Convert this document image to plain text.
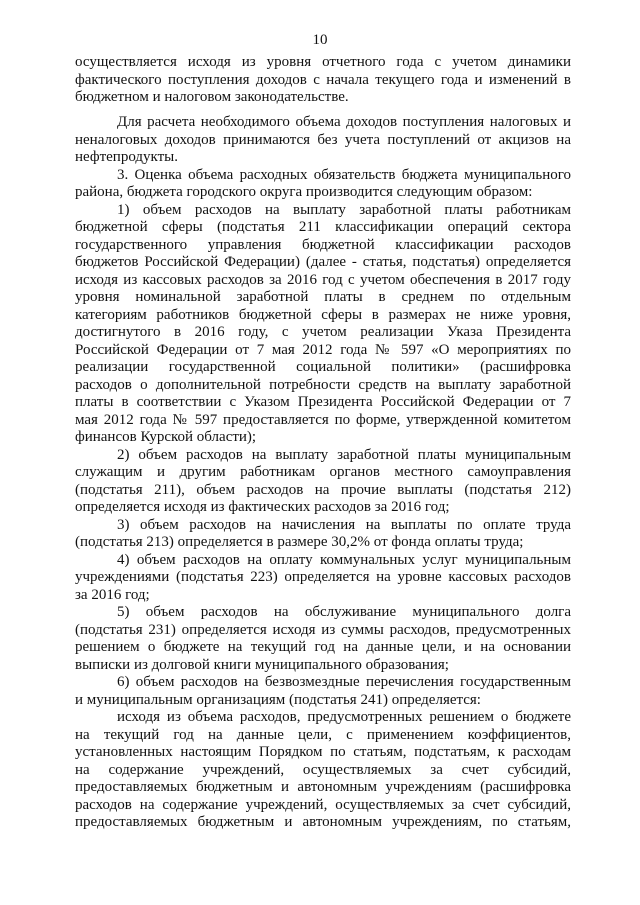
10
осуществляется исходя из уровня отчетного года с учетом динамики
фактического поступления доходов с начала текущего года и изменений в
бюджетном и налоговом законодательстве.
Для расчета необходимого объема доходов поступления налоговых и
неналоговых доходов принимаются без учета поступлений от акцизов на
нефтепродукты.
3. Оценка объема расходных обязательств бюджета муниципального
района, бюджета городского округа производится следующим образом:
1) объем расходов на выплату заработной платы работникам
бюджетной сферы (подстатья 211 классификации операций сектора
государственного управления бюджетной классификации расходов
бюджетов Российской Федерации) (далее - статья, подстатья) определяется
исходя из кассовых расходов за 2016 год с учетом обеспечения в 2017 году
уровня номинальной заработной платы в среднем по отдельным
категориям работников бюджетной сферы в размерах не ниже уровня,
достигнутого в 2016 году, с учетом реализации Указа Президента
Российской Федерации от 7 мая 2012 года № 597 «О мероприятиях по
реализации государственной социальной политики» (расшифровка
расходов о дополнительной потребности средств на выплату заработной
платы в соответствии с Указом Президента Российской Федерации от 7
мая 2012 года № 597 предоставляется по форме, утвержденной комитетом
финансов Курской области);
2) объем расходов на выплату заработной платы муниципальным
служащим и другим работникам органов местного самоуправления
(подстатья 211), объем расходов на прочие выплаты (подстатья 212)
определяется исходя из фактических расходов за 2016 год;
3) объем расходов на начисления на выплаты по оплате труда
(подстатья 213) определяется в размере 30,2% от фонда оплаты труда;
4) объем расходов на оплату коммунальных услуг муниципальным
учреждениями (подстатья 223) определяется на уровне кассовых расходов
за 2016 год;
5) объем расходов на обслуживание муниципального долга
(подстатья 231) определяется исходя из суммы расходов, предусмотренных
решением о бюджете на текущий год на данные цели, и на основании
выписки из долговой книги муниципального образования;
6) объем расходов на безвозмездные перечисления государственным
и муниципальным организациям (подстатья 241) определяется:
исходя из объема расходов, предусмотренных решением о бюджете
на текущий год на данные цели, с применением коэффициентов,
установленных настоящим Порядком по статьям, подстатьям, к расходам
на содержание учреждений, осуществляемых за счет субсидий,
предоставляемых бюджетным и автономным учреждениям (расшифровка
расходов на содержание учреждений, осуществляемых за счет субсидий,
предоставляемых бюджетным и автономным учреждениям, по статьям,
